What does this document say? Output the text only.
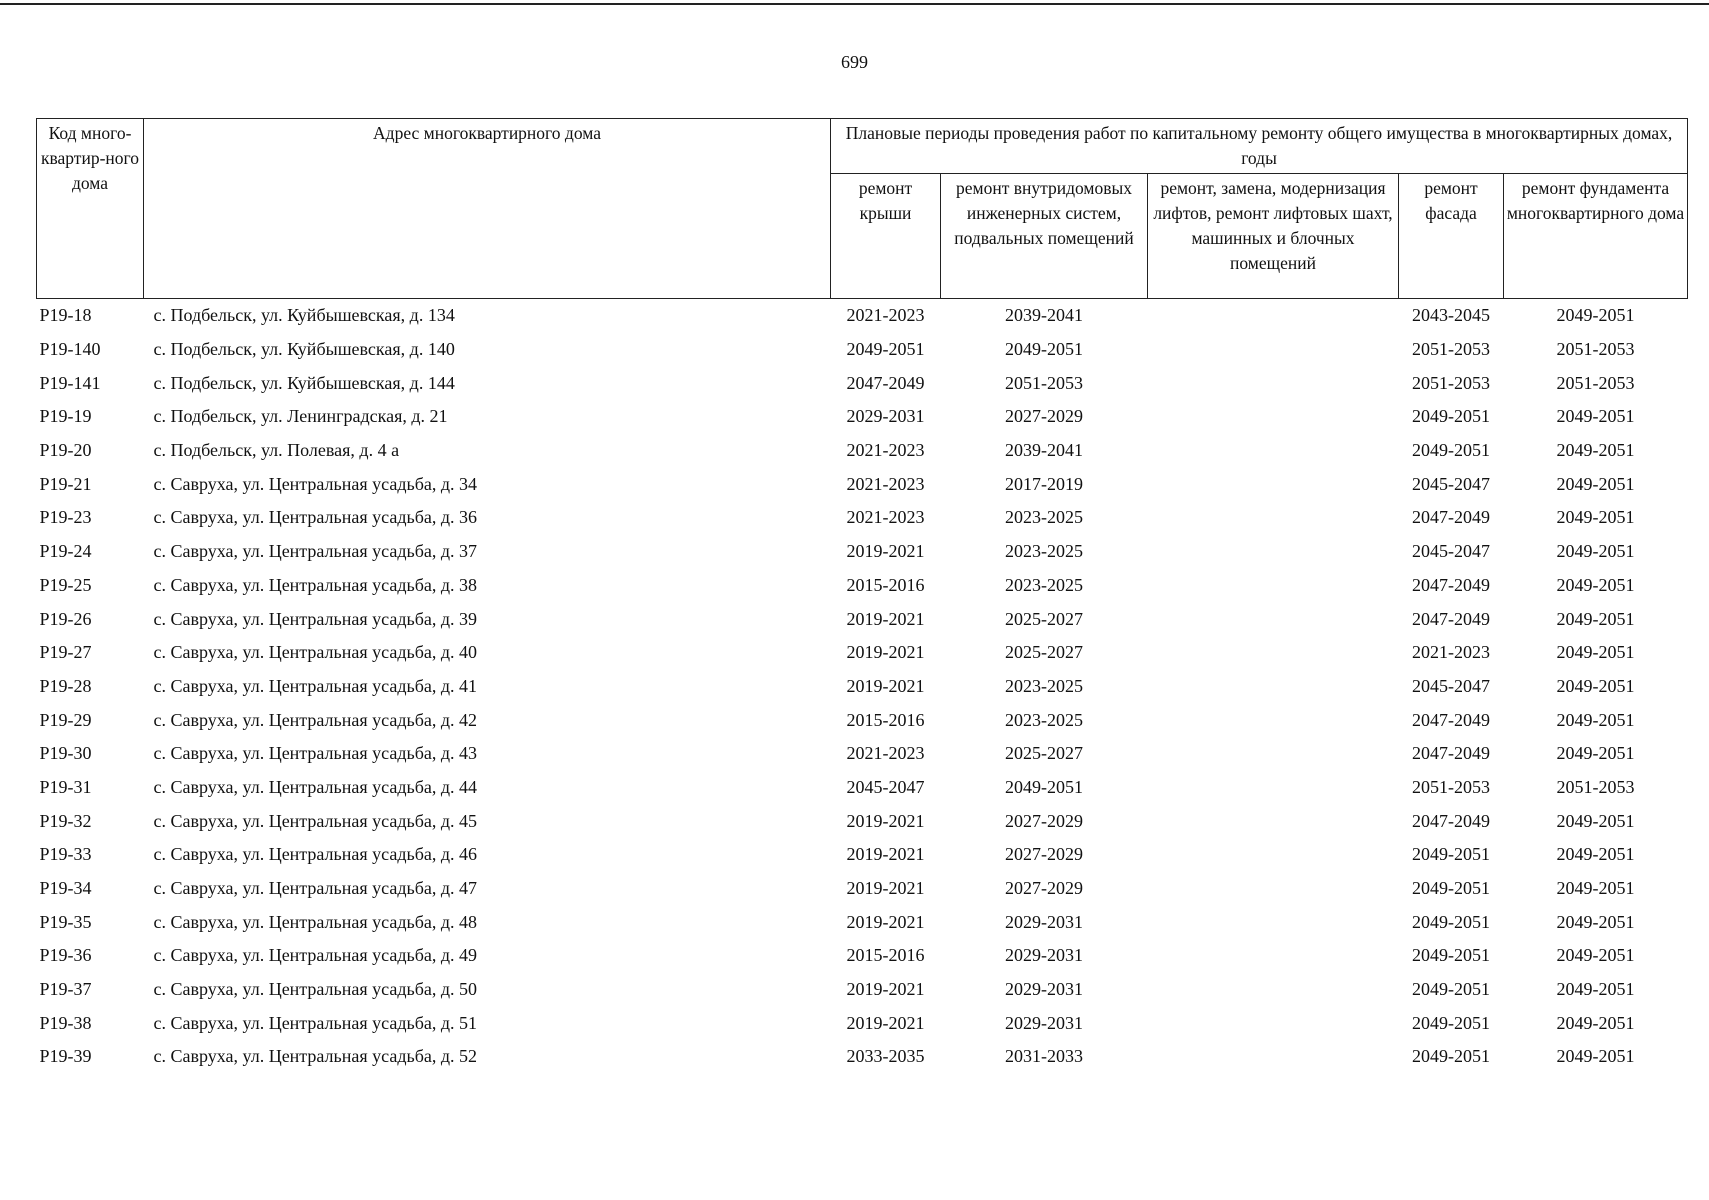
699
Код много-квартир-ного дома	Адрес многоквартирного дома	Плановые периоды проведения работ по капитальному ремонту общего имущества в многоквартирных домах, годы				
		ремонт крыши	ремонт внутридомовых инженерных систем, подвальных помещений	ремонт, замена, модернизация лифтов, ремонт лифтовых шахт, машинных и блочных помещений	ремонт фасада	ремонт фундамента многоквартирного дома
P19-18	с. Подбельск, ул. Куйбышевская, д. 134	2021-2023	2039-2041		2043-2045	2049-2051
P19-140	с. Подбельск, ул. Куйбышевская, д. 140	2049-2051	2049-2051		2051-2053	2051-2053
P19-141	с. Подбельск, ул. Куйбышевская, д. 144	2047-2049	2051-2053		2051-2053	2051-2053
P19-19	с. Подбельск, ул. Ленинградская, д. 21	2029-2031	2027-2029		2049-2051	2049-2051
P19-20	с. Подбельск, ул. Полевая, д. 4 а	2021-2023	2039-2041		2049-2051	2049-2051
P19-21	с. Савруха, ул. Центральная усадьба, д. 34	2021-2023	2017-2019		2045-2047	2049-2051
P19-23	с. Савруха, ул. Центральная усадьба, д. 36	2021-2023	2023-2025		2047-2049	2049-2051
P19-24	с. Савруха, ул. Центральная усадьба, д. 37	2019-2021	2023-2025		2045-2047	2049-2051
P19-25	с. Савруха, ул. Центральная усадьба, д. 38	2015-2016	2023-2025		2047-2049	2049-2051
P19-26	с. Савруха, ул. Центральная усадьба, д. 39	2019-2021	2025-2027		2047-2049	2049-2051
P19-27	с. Савруха, ул. Центральная усадьба, д. 40	2019-2021	2025-2027		2021-2023	2049-2051
P19-28	с. Савруха, ул. Центральная усадьба, д. 41	2019-2021	2023-2025		2045-2047	2049-2051
P19-29	с. Савруха, ул. Центральная усадьба, д. 42	2015-2016	2023-2025		2047-2049	2049-2051
P19-30	с. Савруха, ул. Центральная усадьба, д. 43	2021-2023	2025-2027		2047-2049	2049-2051
P19-31	с. Савруха, ул. Центральная усадьба, д. 44	2045-2047	2049-2051		2051-2053	2051-2053
P19-32	с. Савруха, ул. Центральная усадьба, д. 45	2019-2021	2027-2029		2047-2049	2049-2051
P19-33	с. Савруха, ул. Центральная усадьба, д. 46	2019-2021	2027-2029		2049-2051	2049-2051
P19-34	с. Савруха, ул. Центральная усадьба, д. 47	2019-2021	2027-2029		2049-2051	2049-2051
P19-35	с. Савруха, ул. Центральная усадьба, д. 48	2019-2021	2029-2031		2049-2051	2049-2051
P19-36	с. Савруха, ул. Центральная усадьба, д. 49	2015-2016	2029-2031		2049-2051	2049-2051
P19-37	с. Савруха, ул. Центральная усадьба, д. 50	2019-2021	2029-2031		2049-2051	2049-2051
P19-38	с. Савруха, ул. Центральная усадьба, д. 51	2019-2021	2029-2031		2049-2051	2049-2051
P19-39	с. Савруха, ул. Центральная усадьба, д. 52	2033-2035	2031-2033		2049-2051	2049-2051
